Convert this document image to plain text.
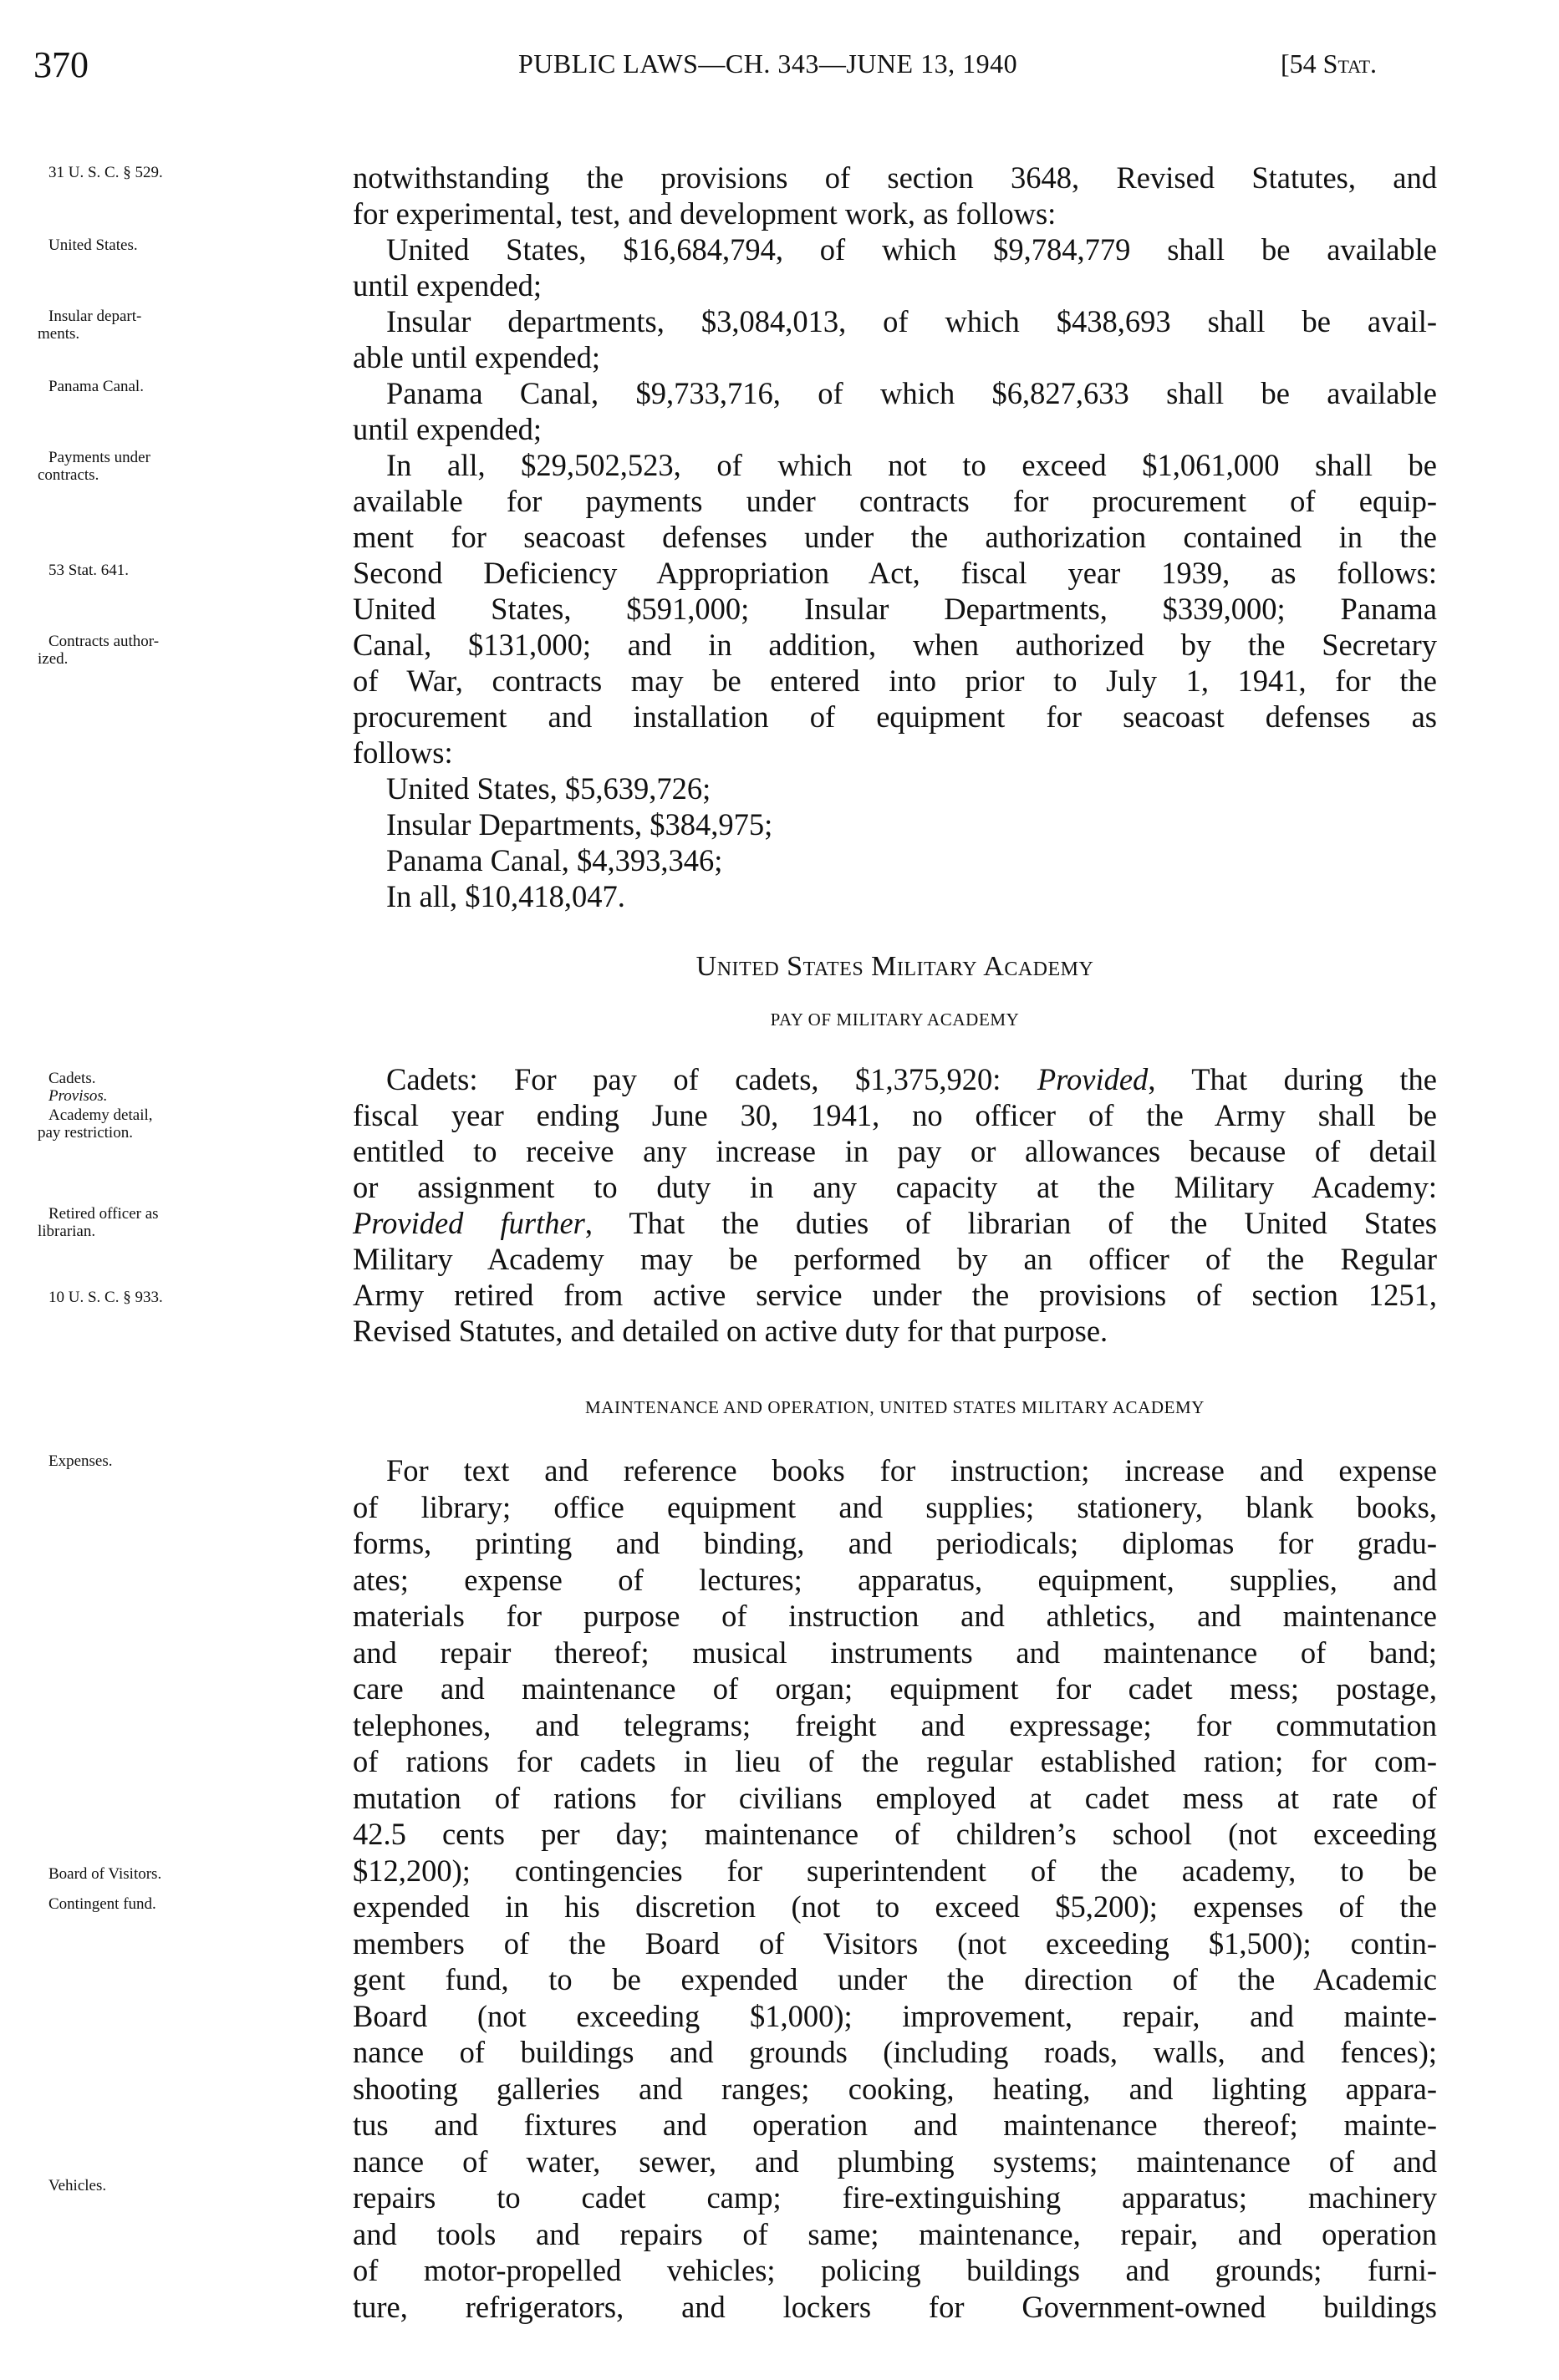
370	PUBLIC LAWS—CH. 343—JUNE 13, 1940	[54 Stat.
31 U. S. C. § 529.
United States.
Insular depart-
ments.
Panama Canal.
Payments under
contracts.
53 Stat. 641.
Contracts author-
ized.
Cadets.
Provisos.
Academy detail,
pay restriction.
Retired officer as
librarian.
10 U. S. C. § 933.
Expenses.
Board of Visitors.
Contingent fund.
Vehicles.
notwithstanding the provisions of section 3648, Revised Statutes, and
for experimental, test, and development work, as follows:
United States, $16,684,794, of which $9,784,779 shall be available
until expended;
Insular departments, $3,084,013, of which $438,693 shall be avail-
able until expended;
Panama Canal, $9,733,716, of which $6,827,633 shall be available
until expended;
In all, $29,502,523, of which not to exceed $1,061,000 shall be
available for payments under contracts for procurement of equip-
ment for seacoast defenses under the authorization contained in the
Second Deficiency Appropriation Act, fiscal year 1939, as follows:
United States, $591,000; Insular Departments, $339,000; Panama
Canal, $131,000; and in addition, when authorized by the Secretary
of War, contracts may be entered into prior to July 1, 1941, for the
procurement and installation of equipment for seacoast defenses as
follows:
United States, $5,639,726;
Insular Departments, $384,975;
Panama Canal, $4,393,346;
In all, $10,418,047.
United States Military Academy
PAY OF MILITARY ACADEMY
Cadets: For pay of cadets, $1,375,920: Provided, That during the
fiscal year ending June 30, 1941, no officer of the Army shall be
entitled to receive any increase in pay or allowances because of detail
or assignment to duty in any capacity at the Military Academy:
Provided further, That the duties of librarian of the United States
Military Academy may be performed by an officer of the Regular
Army retired from active service under the provisions of section 1251,
Revised Statutes, and detailed on active duty for that purpose.
MAINTENANCE AND OPERATION, UNITED STATES MILITARY ACADEMY
For text and reference books for instruction; increase and expense
of library; office equipment and supplies; stationery, blank books,
forms, printing and binding, and periodicals; diplomas for gradu-
ates; expense of lectures; apparatus, equipment, supplies, and
materials for purpose of instruction and athletics, and maintenance
and repair thereof; musical instruments and maintenance of band;
care and maintenance of organ; equipment for cadet mess; postage,
telephones, and telegrams; freight and expressage; for commutation
of rations for cadets in lieu of the regular established ration; for com-
mutation of rations for civilians employed at cadet mess at rate of
42.5 cents per day; maintenance of children’s school (not exceeding
$12,200); contingencies for superintendent of the academy, to be
expended in his discretion (not to exceed $5,200); expenses of the
members of the Board of Visitors (not exceeding $1,500); contin-
gent fund, to be expended under the direction of the Academic
Board (not exceeding $1,000); improvement, repair, and mainte-
nance of buildings and grounds (including roads, walls, and fences);
shooting galleries and ranges; cooking, heating, and lighting appara-
tus and fixtures and operation and maintenance thereof; mainte-
nance of water, sewer, and plumbing systems; maintenance of and
repairs to cadet camp; fire-extinguishing apparatus; machinery
and tools and repairs of same; maintenance, repair, and operation
of motor-propelled vehicles; policing buildings and grounds; furni-
ture, refrigerators, and lockers for Government-owned buildings
